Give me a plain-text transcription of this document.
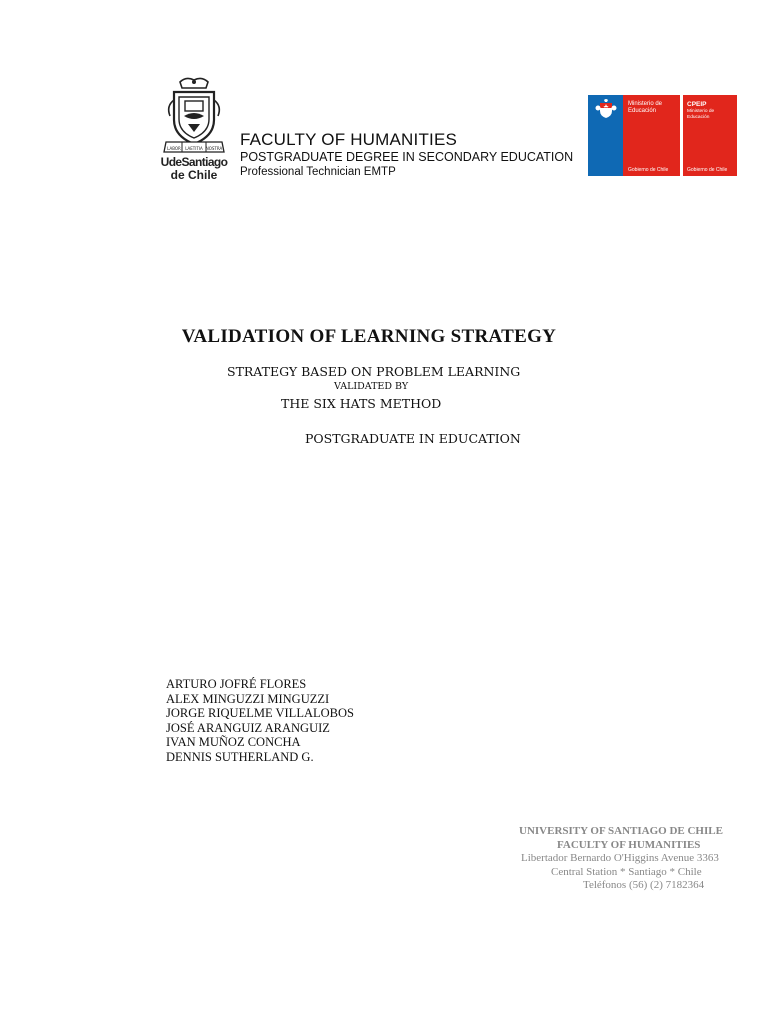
LABOR LAETITIA NOSTRA
UdeSantiago
de Chile
FACULTY OF HUMANITIES
POSTGRADUATE DEGREE IN SECONDARY EDUCATION
Professional Technician EMTP
Ministerio de
Educación
Gobierno de Chile
CPEIP
Ministerio de
Educación
Gobierno de Chile
VALIDATION OF LEARNING STRATEGY
STRATEGY BASED ON PROBLEM LEARNING
VALIDATED BY
THE SIX HATS METHOD
POSTGRADUATE IN EDUCATION
ARTURO JOFRÉ FLORES
ALEX MINGUZZI MINGUZZI
JORGE RIQUELME VILLALOBOS
JOSÉ ARANGUIZ ARANGUIZ
IVAN MUÑOZ CONCHA
DENNIS SUTHERLAND G.
UNIVERSITY OF SANTIAGO DE CHILE
FACULTY OF HUMANITIES
Libertador Bernardo O'Higgins Avenue 3363
Central Station * Santiago * Chile
Teléfonos (56) (2) 7182364
